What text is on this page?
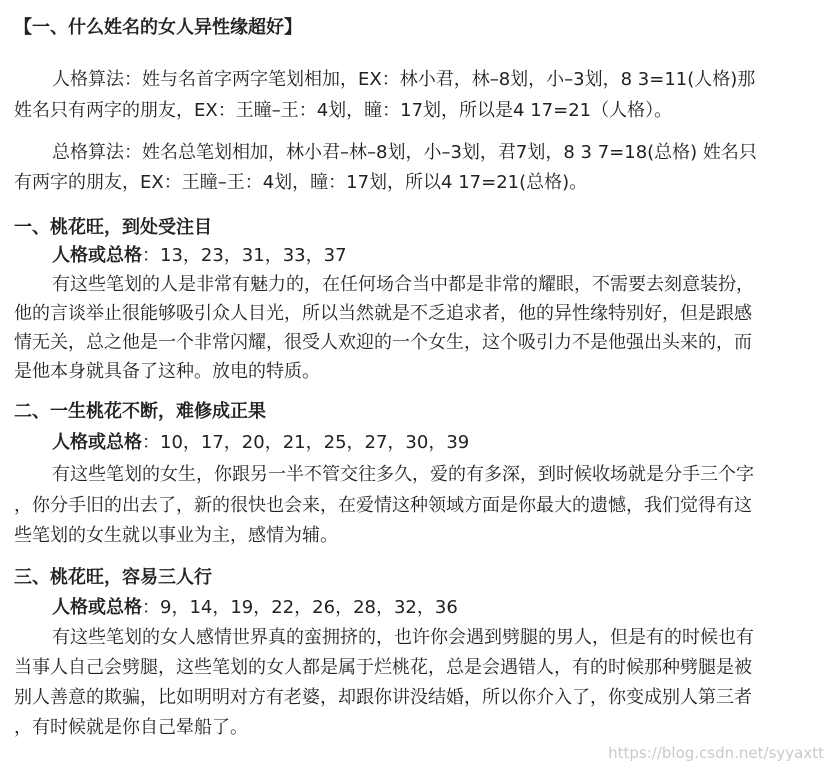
【一、什么姓名的女人异性缘超好】
人格算法：姓与名首字两字笔划相加，EX：林小君，林–8划，小–3划，8 3=11(人格)那
姓名只有两字的朋友，EX：王瞳–王：4划，瞳：17划，所以是4 17=21（人格）。
总格算法：姓名总笔划相加，林小君–林–8划，小–3划，君7划，8 3 7=18(总格) 姓名只
有两字的朋友，EX：王瞳–王：4划，瞳：17划，所以4 17=21(总格)。
一、桃花旺，到处受注目
人格或总格：13，23，31，33，37
有这些笔划的人是非常有魅力的，在任何场合当中都是非常的耀眼，不需要去刻意装扮，
他的言谈举止很能够吸引众人目光，所以当然就是不乏追求者，他的异性缘特别好，但是跟感
情无关，总之他是一个非常闪耀，很受人欢迎的一个女生，这个吸引力不是他强出头来的，而
是他本身就具备了这种。放电的特质。
二、一生桃花不断，难修成正果
人格或总格：10，17，20，21，25，27，30，39
有这些笔划的女生，你跟另一半不管交往多久，爱的有多深，到时候收场就是分手三个字
，你分手旧的出去了，新的很快也会来，在爱情这种领域方面是你最大的遗憾，我们觉得有这
些笔划的女生就以事业为主，感情为辅。
三、桃花旺，容易三人行
人格或总格：9，14，19，22，26，28，32，36
有这些笔划的女人感情世界真的蛮拥挤的，也许你会遇到劈腿的男人，但是有的时候也有
当事人自己会劈腿，这些笔划的女人都是属于烂桃花，总是会遇错人，有的时候那种劈腿是被
别人善意的欺骗，比如明明对方有老婆，却跟你讲没结婚，所以你介入了，你变成别人第三者
，有时候就是你自己晕船了。
https://blog.csdn.net/syyaxtt
